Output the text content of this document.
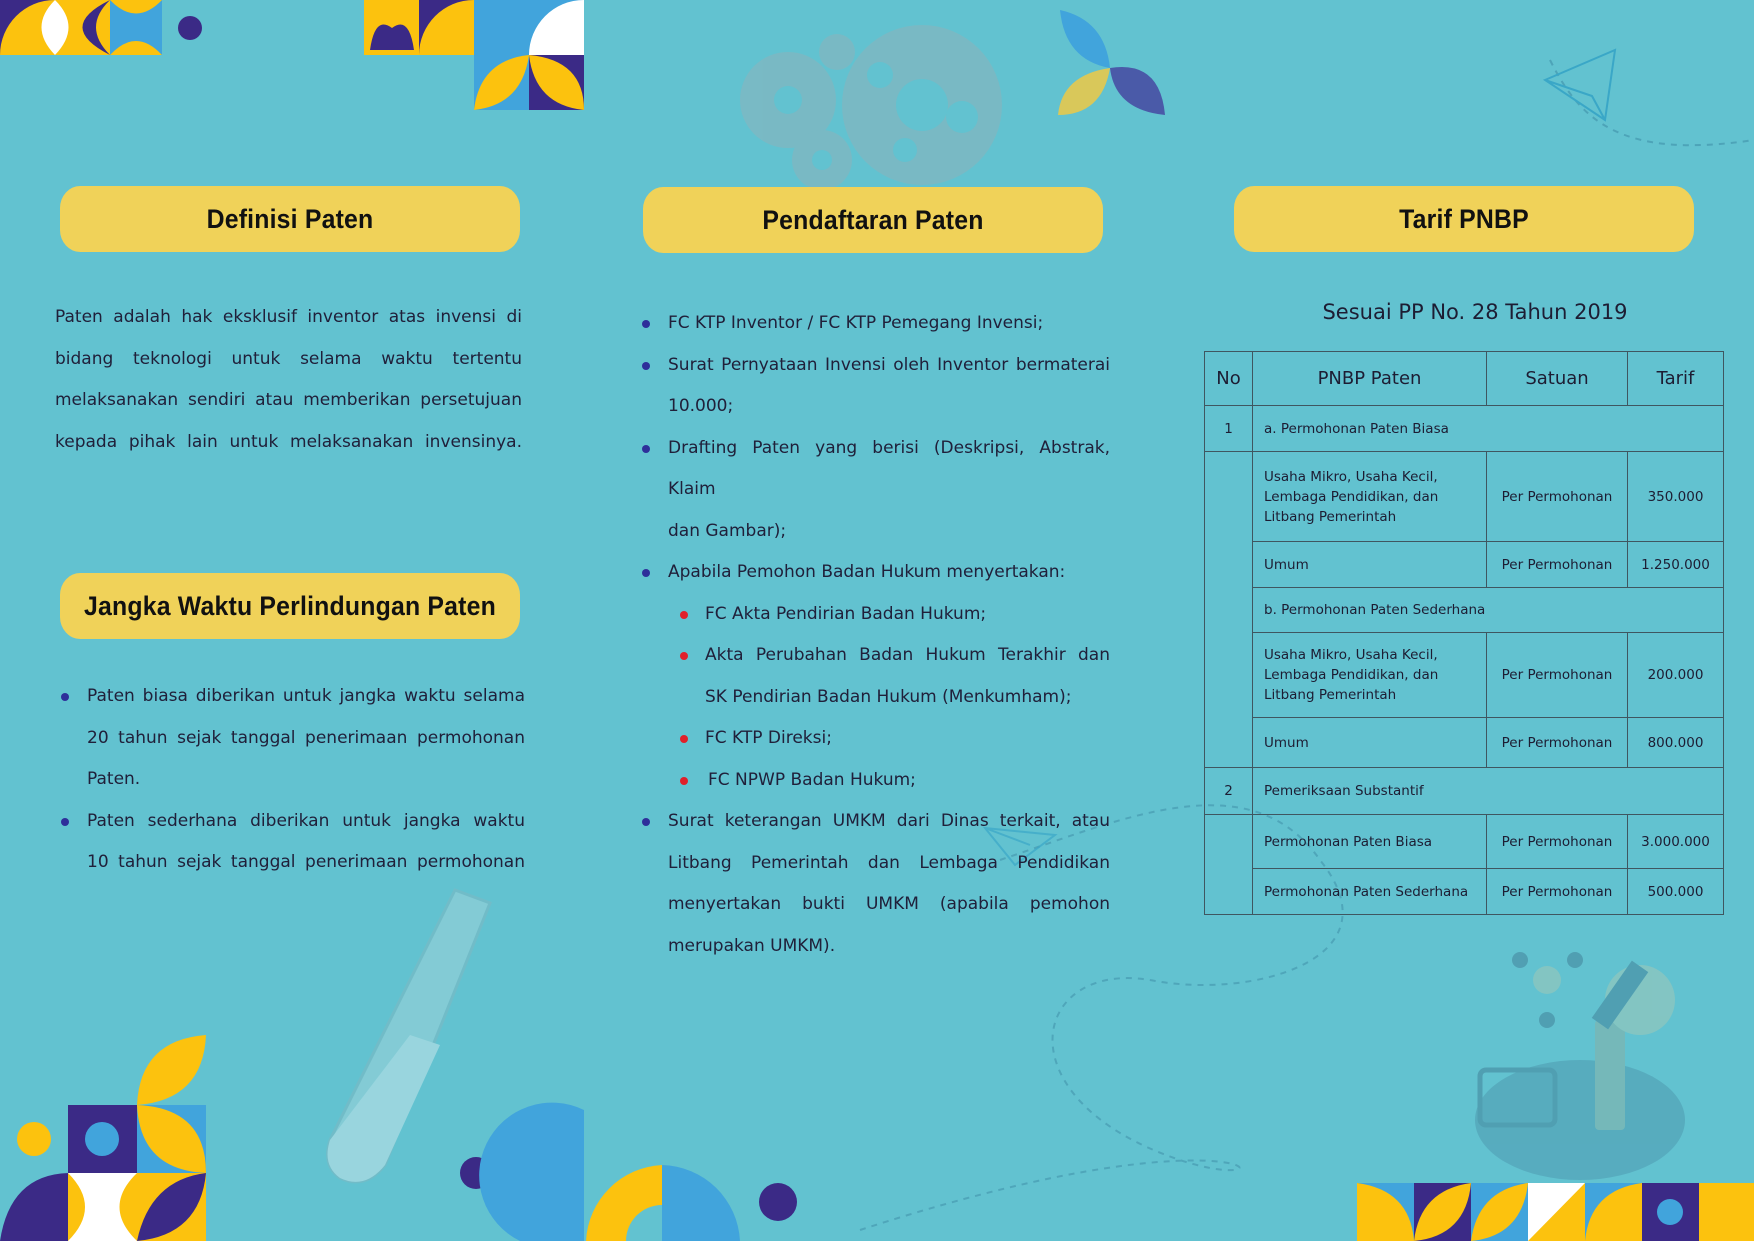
Definisi Paten
Paten adalah hak eksklusif inventor atas invensi di
bidang teknologi untuk selama waktu tertentu
melaksanakan sendiri atau memberikan persetujuan
kepada pihak lain untuk melaksanakan invensinya.
Jangka Waktu Perlindungan Paten
Paten biasa diberikan untuk jangka waktu selama
20 tahun sejak tanggal penerimaan permohonan
Paten.
Paten sederhana diberikan untuk jangka waktu
10 tahun sejak tanggal penerimaan permohonan
Pendaftaran Paten
FC KTP Inventor / FC KTP Pemegang Invensi;
Surat Pernyataan Invensi oleh Inventor bermaterai
10.000;
Drafting Paten yang berisi (Deskripsi, Abstrak, Klaim
dan Gambar);
Apabila Pemohon Badan Hukum menyertakan:
FC Akta Pendirian Badan Hukum;
Akta Perubahan Badan Hukum Terakhir dan
SK Pendirian Badan Hukum (Menkumham);
FC KTP Direksi;
FC NPWP Badan Hukum;
Surat keterangan UMKM dari Dinas terkait, atau
Litbang Pemerintah dan Lembaga Pendidikan
menyertakan bukti UMKM (apabila pemohon
merupakan UMKM).
Tarif PNBP
Sesuai PP No. 28 Tahun 2019
No	PNBP Paten	Satuan	Tarif
1	a. Permohonan Paten Biasa		
	Usaha Mikro, Usaha Kecil, Lembaga Pendidikan, dan Litbang Pemerintah	Per Permohonan	350.000
	Umum	Per Permohonan	1.250.000
	b. Permohonan Paten Sederhana		
	Usaha Mikro, Usaha Kecil, Lembaga Pendidikan, dan Litbang Pemerintah	Per Permohonan	200.000
	Umum	Per Permohonan	800.000
2	Pemeriksaan Substantif		
	Permohonan Paten Biasa	Per Permohonan	3.000.000
	Permohonan Paten Sederhana	Per Permohonan	500.000
